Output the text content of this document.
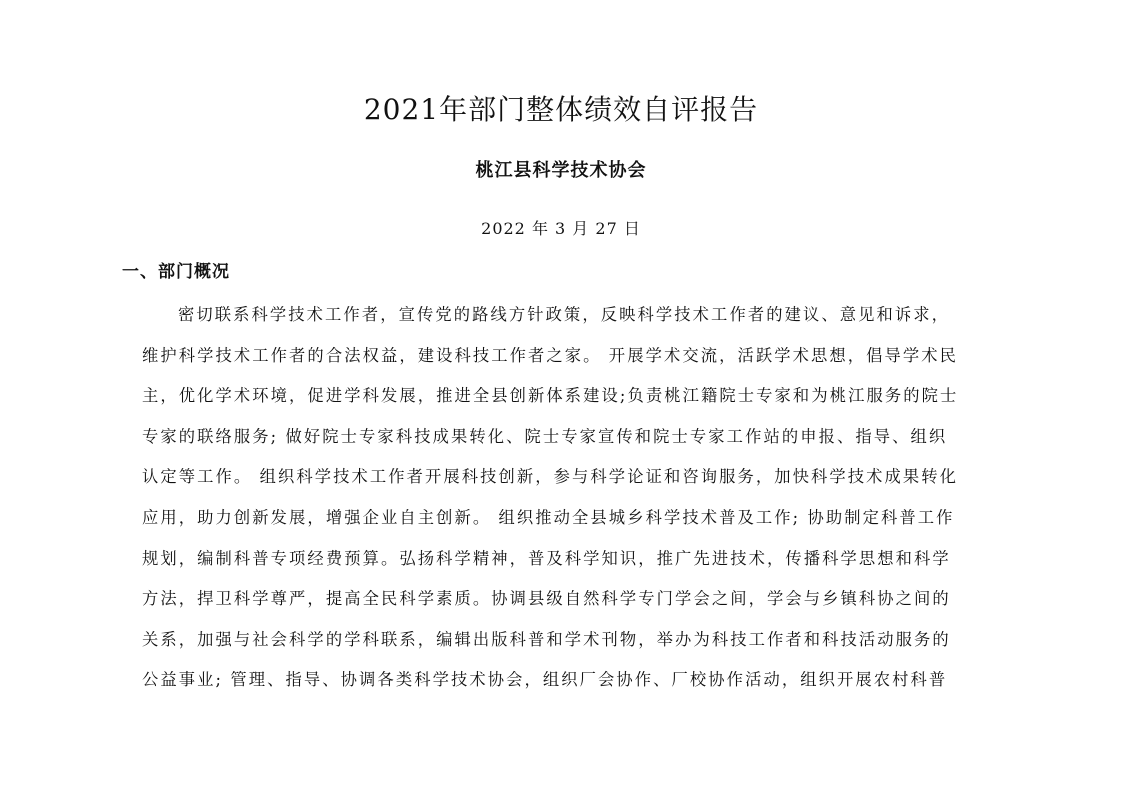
2021年部门整体绩效自评报告
桃江县科学技术协会
2022 年 3 月 27 日
一、部门概况
密切联系科学技术工作者，宣传党的路线方针政策，反映科学技术工作者的建议、意见和诉求，
维护科学技术工作者的合法权益，建设科技工作者之家。 开展学术交流，活跃学术思想，倡导学术民
主，优化学术环境，促进学科发展，推进全县创新体系建设;负责桃江籍院士专家和为桃江服务的院士
专家的联络服务; 做好院士专家科技成果转化、院士专家宣传和院士专家工作站的申报、指导、组织
认定等工作。 组织科学技术工作者开展科技创新，参与科学论证和咨询服务，加快科学技术成果转化
应用，助力创新发展，增强企业自主创新。 组织推动全县城乡科学技术普及工作; 协助制定科普工作
规划，编制科普专项经费预算。弘扬科学精神，普及科学知识，推广先进技术，传播科学思想和科学
方法，捍卫科学尊严，提高全民科学素质。协调县级自然科学专门学会之间，学会与乡镇科协之间的
关系，加强与社会科学的学科联系，编辑出版科普和学术刊物，举办为科技工作者和科技活动服务的
公益事业; 管理、指导、协调各类科学技术协会，组织厂会协作、厂校协作活动，组织开展农村科普
